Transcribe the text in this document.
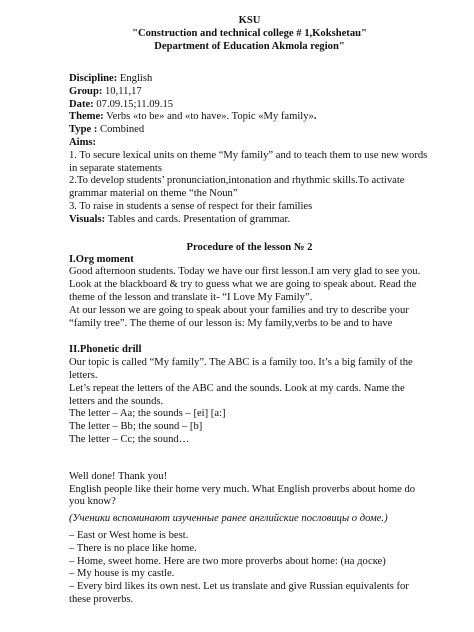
KSU
"Construction and technical college # 1,Kokshetau"
Department of Education Akmola region"

Discipline: English

Group: 10,11,17

Date: 07.09.15;11.09.15

Theme: Verbs «to be» and «to have». Topic «My family».

Type : Combined

Aims:

1. To secure lexical units on theme “My family” and to teach them to use new words in separate statements

2.To develop students’ pronunciation,intonation and rhythmic skills.To activate grammar material on theme “the Noun”

3. To raise in students a sense of respect for their families

Visuals: Tables and cards. Presentation of grammar.

Procedure of the lesson № 2

I.Org moment

Good afternoon students. Today we have our first lesson.I am very glad to see you. Look at the blackboard & try to guess what we are going to speak about. Read the theme of the lesson and translate it- “I Love My Family”.

At our lesson we are going to speak about your families and try to describe your “family tree”. The theme of our lesson is: My family,verbs to be and to have

II.Phonetic drill

Our topic is called “My family”. The ABC is a family too. It’s a big family of the letters.

Let’s repeat the letters of the ABC and the sounds. Look at my cards. Name the letters and the sounds.

The letter – Aa; the sounds – [ei] [a:]

The letter – Bb; the sound – [b]

The letter – Cc; the sound…

Well done! Thank you!

English people like their home very much. What English proverbs about home do you know?

(Ученики вспоминают изученные ранее английские пословицы о доме.)

– East or West home is best.

– There is no place like home.

– Home, sweet home. Here are two more proverbs about home: (на доске)

– My house is my castle.

– Every bird likes its own nest. Let us translate and give Russian equivalents for these proverbs.
